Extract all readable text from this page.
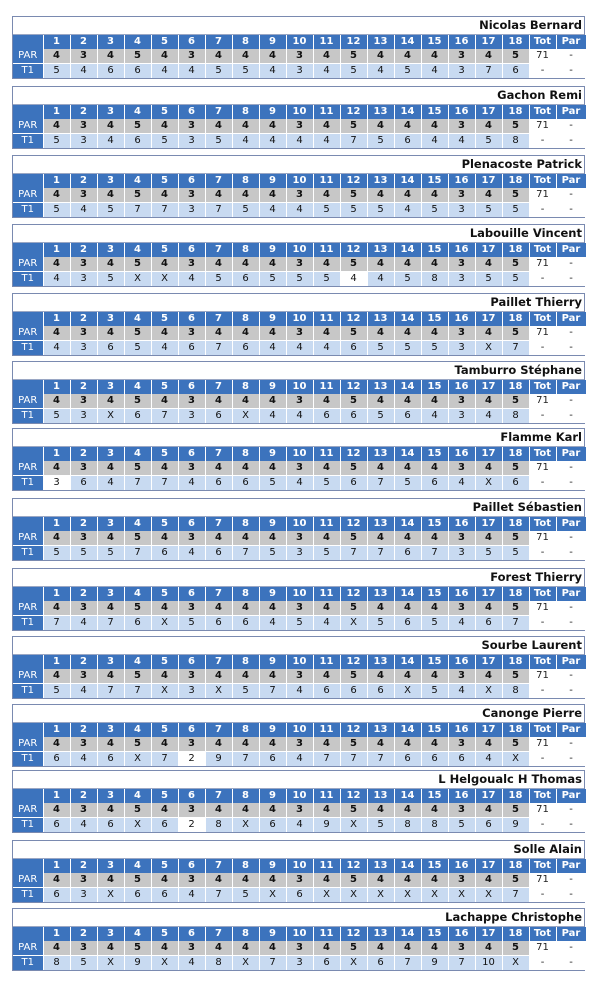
Nicolas Bernard
	1	2	3	4	5	6	7	8	9	10	11	12	13	14	15	16	17	18	Tot	Par
PAR	4	3	4	5	4	3	4	4	4	3	4	5	4	4	4	3	4	5	71	-
T1	5	4	6	6	4	4	5	5	4	3	4	5	4	5	4	3	7	6	-	-
Gachon Remi
	1	2	3	4	5	6	7	8	9	10	11	12	13	14	15	16	17	18	Tot	Par
PAR	4	3	4	5	4	3	4	4	4	3	4	5	4	4	4	3	4	5	71	-
T1	5	3	4	6	5	3	5	4	4	4	4	7	5	6	4	4	5	8	-	-
Plenacoste Patrick
	1	2	3	4	5	6	7	8	9	10	11	12	13	14	15	16	17	18	Tot	Par
PAR	4	3	4	5	4	3	4	4	4	3	4	5	4	4	4	3	4	5	71	-
T1	5	4	5	7	7	3	7	5	4	4	5	5	5	4	5	3	5	5	-	-
Labouille Vincent
	1	2	3	4	5	6	7	8	9	10	11	12	13	14	15	16	17	18	Tot	Par
PAR	4	3	4	5	4	3	4	4	4	3	4	5	4	4	4	3	4	5	71	-
T1	4	3	5	X	X	4	5	6	5	5	5	4	4	5	8	3	5	5	-	-
Paillet Thierry
	1	2	3	4	5	6	7	8	9	10	11	12	13	14	15	16	17	18	Tot	Par
PAR	4	3	4	5	4	3	4	4	4	3	4	5	4	4	4	3	4	5	71	-
T1	4	3	6	5	4	6	7	6	4	4	4	6	5	5	5	3	X	7	-	-
Tamburro Stéphane
	1	2	3	4	5	6	7	8	9	10	11	12	13	14	15	16	17	18	Tot	Par
PAR	4	3	4	5	4	3	4	4	4	3	4	5	4	4	4	3	4	5	71	-
T1	5	3	X	6	7	3	6	X	4	4	6	6	5	6	4	3	4	8	-	-
Flamme Karl
	1	2	3	4	5	6	7	8	9	10	11	12	13	14	15	16	17	18	Tot	Par
PAR	4	3	4	5	4	3	4	4	4	3	4	5	4	4	4	3	4	5	71	-
T1	3	6	4	7	7	4	6	6	5	4	5	6	7	5	6	4	X	6	-	-
Paillet Sébastien
	1	2	3	4	5	6	7	8	9	10	11	12	13	14	15	16	17	18	Tot	Par
PAR	4	3	4	5	4	3	4	4	4	3	4	5	4	4	4	3	4	5	71	-
T1	5	5	5	7	6	4	6	7	5	3	5	7	7	6	7	3	5	5	-	-
Forest Thierry
	1	2	3	4	5	6	7	8	9	10	11	12	13	14	15	16	17	18	Tot	Par
PAR	4	3	4	5	4	3	4	4	4	3	4	5	4	4	4	3	4	5	71	-
T1	7	4	7	6	X	5	6	6	4	5	4	X	5	6	5	4	6	7	-	-
Sourbe Laurent
	1	2	3	4	5	6	7	8	9	10	11	12	13	14	15	16	17	18	Tot	Par
PAR	4	3	4	5	4	3	4	4	4	3	4	5	4	4	4	3	4	5	71	-
T1	5	4	7	7	X	3	X	5	7	4	6	6	6	X	5	4	X	8	-	-
Canonge Pierre
	1	2	3	4	5	6	7	8	9	10	11	12	13	14	15	16	17	18	Tot	Par
PAR	4	3	4	5	4	3	4	4	4	3	4	5	4	4	4	3	4	5	71	-
T1	6	4	6	X	7	2	9	7	6	4	7	7	7	6	6	6	4	X	-	-
L Helgoualc H Thomas
	1	2	3	4	5	6	7	8	9	10	11	12	13	14	15	16	17	18	Tot	Par
PAR	4	3	4	5	4	3	4	4	4	3	4	5	4	4	4	3	4	5	71	-
T1	6	4	6	X	6	2	8	X	6	4	9	X	5	8	8	5	6	9	-	-
Solle Alain
	1	2	3	4	5	6	7	8	9	10	11	12	13	14	15	16	17	18	Tot	Par
PAR	4	3	4	5	4	3	4	4	4	3	4	5	4	4	4	3	4	5	71	-
T1	6	3	X	6	6	4	7	5	X	6	X	X	X	X	X	X	X	7	-	-
Lachappe Christophe
	1	2	3	4	5	6	7	8	9	10	11	12	13	14	15	16	17	18	Tot	Par
PAR	4	3	4	5	4	3	4	4	4	3	4	5	4	4	4	3	4	5	71	-
T1	8	5	X	9	X	4	8	X	7	3	6	X	6	7	9	7	10	X	-	-
